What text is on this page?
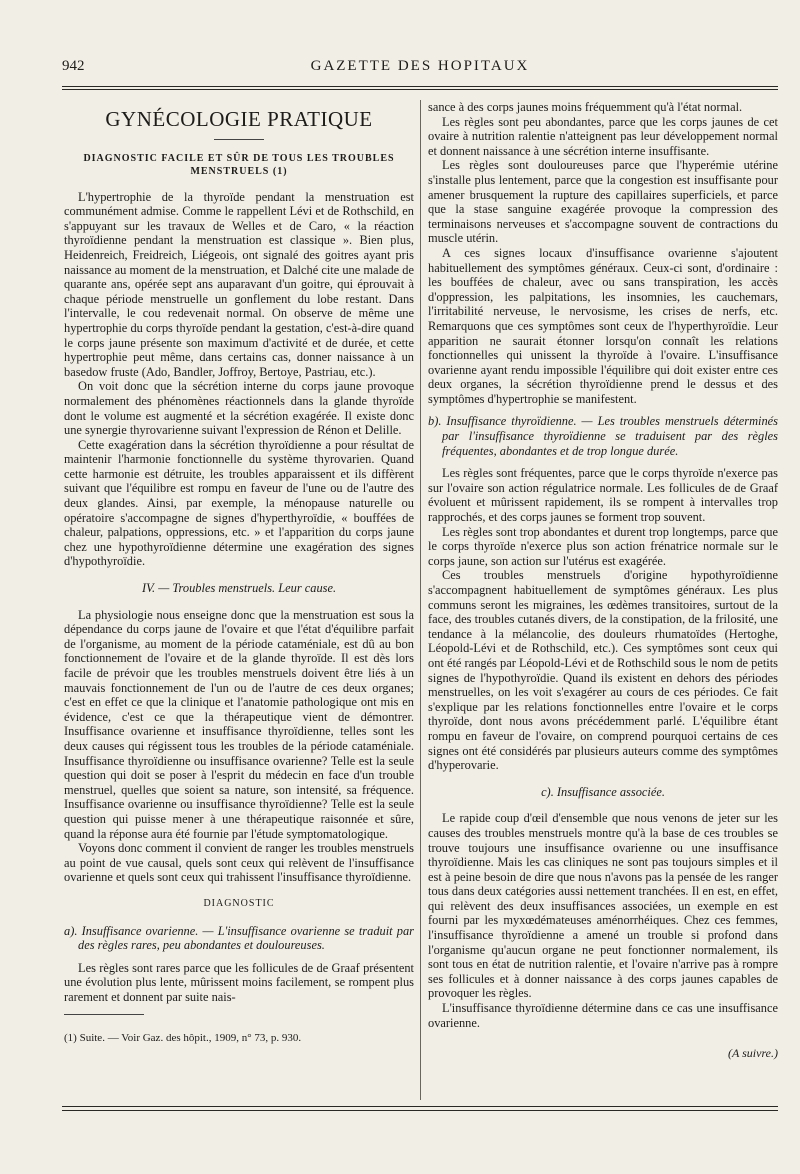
942	GAZETTE DES HOPITAUX
GYNÉCOLOGIE PRATIQUE
DIAGNOSTIC FACILE ET SÛR DE TOUS LES TROUBLES MENSTRUELS (1)

L'hypertrophie de la thyroïde pendant la menstruation est communément admise. Comme le rappellent Lévi et de Rothschild, en s'appuyant sur les travaux de Welles et de Caro, « la réaction thyroïdienne pendant la menstruation est classique ». Bien plus, Heidenreich, Freidreich, Liégeois, ont signalé des goitres ayant pris naissance au moment de la menstruation, et Dalché cite une malade de quarante ans, opérée sept ans auparavant d'un goitre, qui éprouvait à chaque période menstruelle un gonflement du lobe restant. Dans l'intervalle, le cou redevenait normal. On observe de même une hypertrophie du corps thyroïde pendant la gestation, c'est-à-dire quand le corps jaune présente son maximum d'activité et de durée, et cette hypertrophie peut même, dans certains cas, donner naissance à un basedow fruste (Ado, Bandler, Joffroy, Bertoye, Pastriau, etc.).

On voit donc que la sécrétion interne du corps jaune provoque normalement des phénomènes réactionnels dans la glande thyroïde dont le volume est augmenté et la sécrétion exagérée. Il existe donc une synergie thyrovarienne suivant l'expression de Rénon et Delille.

Cette exagération dans la sécrétion thyroïdienne a pour résultat de maintenir l'harmonie fonctionnelle du système thyrovarien. Quand cette harmonie est détruite, les troubles apparaissent et ils diffèrent suivant que l'équilibre est rompu en faveur de l'une ou de l'autre des deux glandes. Ainsi, par exemple, la ménopause naturelle ou opératoire s'accompagne de signes d'hyperthyroïdie, « bouffées de chaleur, palpations, oppressions, etc. » et l'apparition du corps jaune chez une hypothyroïdienne détermine une exagération des signes d'hypothyroïdie.

IV. — Troubles menstruels. Leur cause.

La physiologie nous enseigne donc que la menstruation est sous la dépendance du corps jaune de l'ovaire et que l'état d'équilibre parfait de l'organisme, au moment de la période cataméniale, est dû au bon fonctionnement de l'ovaire et de la glande thyroïde. Il est dès lors facile de prévoir que les troubles menstruels doivent être liés à un mauvais fonctionnement de l'un ou de l'autre de ces deux organes; c'est en effet ce que la clinique et l'anatomie pathologique ont mis en évidence, c'est ce que la thérapeutique vient de démontrer. Insuffisance ovarienne et insuffisance thyroïdienne, telles sont les deux causes qui régissent tous les troubles de la période cataméniale. Insuffisance thyroïdienne ou insuffisance ovarienne? Telle est la seule question qui doit se poser à l'esprit du médecin en face d'un trouble menstruel, quelles que soient sa nature, son intensité, sa fréquence. Insuffisance ovarienne ou insuffisance thyroïdienne? Telle est la seule question qui puisse mener à une thérapeutique raisonnée et sûre, quand la réponse aura été fournie par l'étude symptomatologique.

Voyons donc comment il convient de ranger les troubles menstruels au point de vue causal, quels sont ceux qui relèvent de l'insuffisance ovarienne et quels sont ceux qui trahissent l'insuffisance thyroïdienne.

DIAGNOSTIC

a). Insuffisance ovarienne. — L'insuffisance ovarienne se traduit par des règles rares, peu abondantes et douloureuses.

Les règles sont rares parce que les follicules de de Graaf présentent une évolution plus lente, mûrissent moins facilement, se rompent plus rarement et donnent par suite nais-

(1) Suite. — Voir Gaz. des hôpit., 1909, n° 73, p. 930.

sance à des corps jaunes moins fréquemment qu'à l'état normal.

Les règles sont peu abondantes, parce que les corps jaunes de cet ovaire à nutrition ralentie n'atteignent pas leur développement normal et donnent naissance à une sécrétion interne insuffisante.

Les règles sont douloureuses parce que l'hyperémie utérine s'installe plus lentement, parce que la congestion est insuffisante pour amener brusquement la rupture des capillaires superficiels, et parce que la stase sanguine exagérée provoque la compression des terminaisons nerveuses et s'accompagne souvent de contractions du muscle utérin.

A ces signes locaux d'insuffisance ovarienne s'ajoutent habituellement des symptômes généraux. Ceux-ci sont, d'ordinaire : les bouffées de chaleur, avec ou sans transpiration, les accès d'oppression, les palpitations, les insomnies, les cauchemars, l'irritabilité nerveuse, le nervosisme, les crises de nerfs, etc. Remarquons que ces symptômes sont ceux de l'hyperthyroïdie. Leur apparition ne saurait étonner lorsqu'on connaît les relations fonctionnelles qui unissent la thyroïde à l'ovaire. L'insuffisance ovarienne ayant rendu impossible l'équilibre qui doit exister entre ces deux organes, la sécrétion thyroïdienne prend le dessus et des symptômes d'hypertrophie se manifestent.

b). Insuffisance thyroïdienne. — Les troubles menstruels déterminés par l'insuffisance thyroïdienne se traduisent par des règles fréquentes, abondantes et de trop longue durée.

Les règles sont fréquentes, parce que le corps thyroïde n'exerce pas sur l'ovaire son action régulatrice normale. Les follicules de de Graaf évoluent et mûrissent rapidement, ils se rompent à intervalles trop rapprochés, et des corps jaunes se forment trop souvent.

Les règles sont trop abondantes et durent trop longtemps, parce que le corps thyroïde n'exerce plus son action frénatrice normale sur le corps jaune, son action sur l'utérus est exagérée.

Ces troubles menstruels d'origine hypothyroïdienne s'accompagnent habituellement de symptômes généraux. Les plus communs seront les migraines, les œdèmes transitoires, surtout de la face, des troubles cutanés divers, de la constipation, de la frilosité, une tendance à la mélancolie, des douleurs rhumatoïdes (Hertoghe, Léopold-Lévi et de Rothschild, etc.). Ces symptômes sont ceux qui ont été rangés par Léopold-Lévi et de Rothschild sous le nom de petits signes de l'hypothyroïdie. Quand ils existent en dehors des périodes menstruelles, on les voit s'exagérer au cours de ces périodes. Ce fait s'explique par les relations fonctionnelles entre l'ovaire et le corps thyroïde, dont nous avons précédemment parlé. L'équilibre étant rompu en faveur de l'ovaire, on comprend pourquoi certains de ces signes ont été considérés par plusieurs auteurs comme des symptômes d'hyperovarie.

c). Insuffisance associée.

Le rapide coup d'œil d'ensemble que nous venons de jeter sur les causes des troubles menstruels montre qu'à la base de ces troubles se trouve toujours une insuffisance ovarienne ou une insuffisance thyroïdienne. Mais les cas cliniques ne sont pas toujours simples et il est à peine besoin de dire que nous n'avons pas la pensée de les ranger tous dans deux catégories aussi nettement tranchées. Il en est, en effet, qui relèvent des deux insuffisances associées, un exemple en est fourni par les myxœdémateuses aménorrhéiques. Chez ces femmes, l'insuffisance thyroïdienne a amené un trouble si profond dans l'organisme qu'aucun organe ne peut fonctionner normalement, ils sont tous en état de nutrition ralentie, et l'ovaire n'arrive pas à rompre ses follicules et à donner naissance à des corps jaunes capables de provoquer les règles.

L'insuffisance thyroïdienne détermine dans ce cas une insuffisance ovarienne.

(A suivre.)
